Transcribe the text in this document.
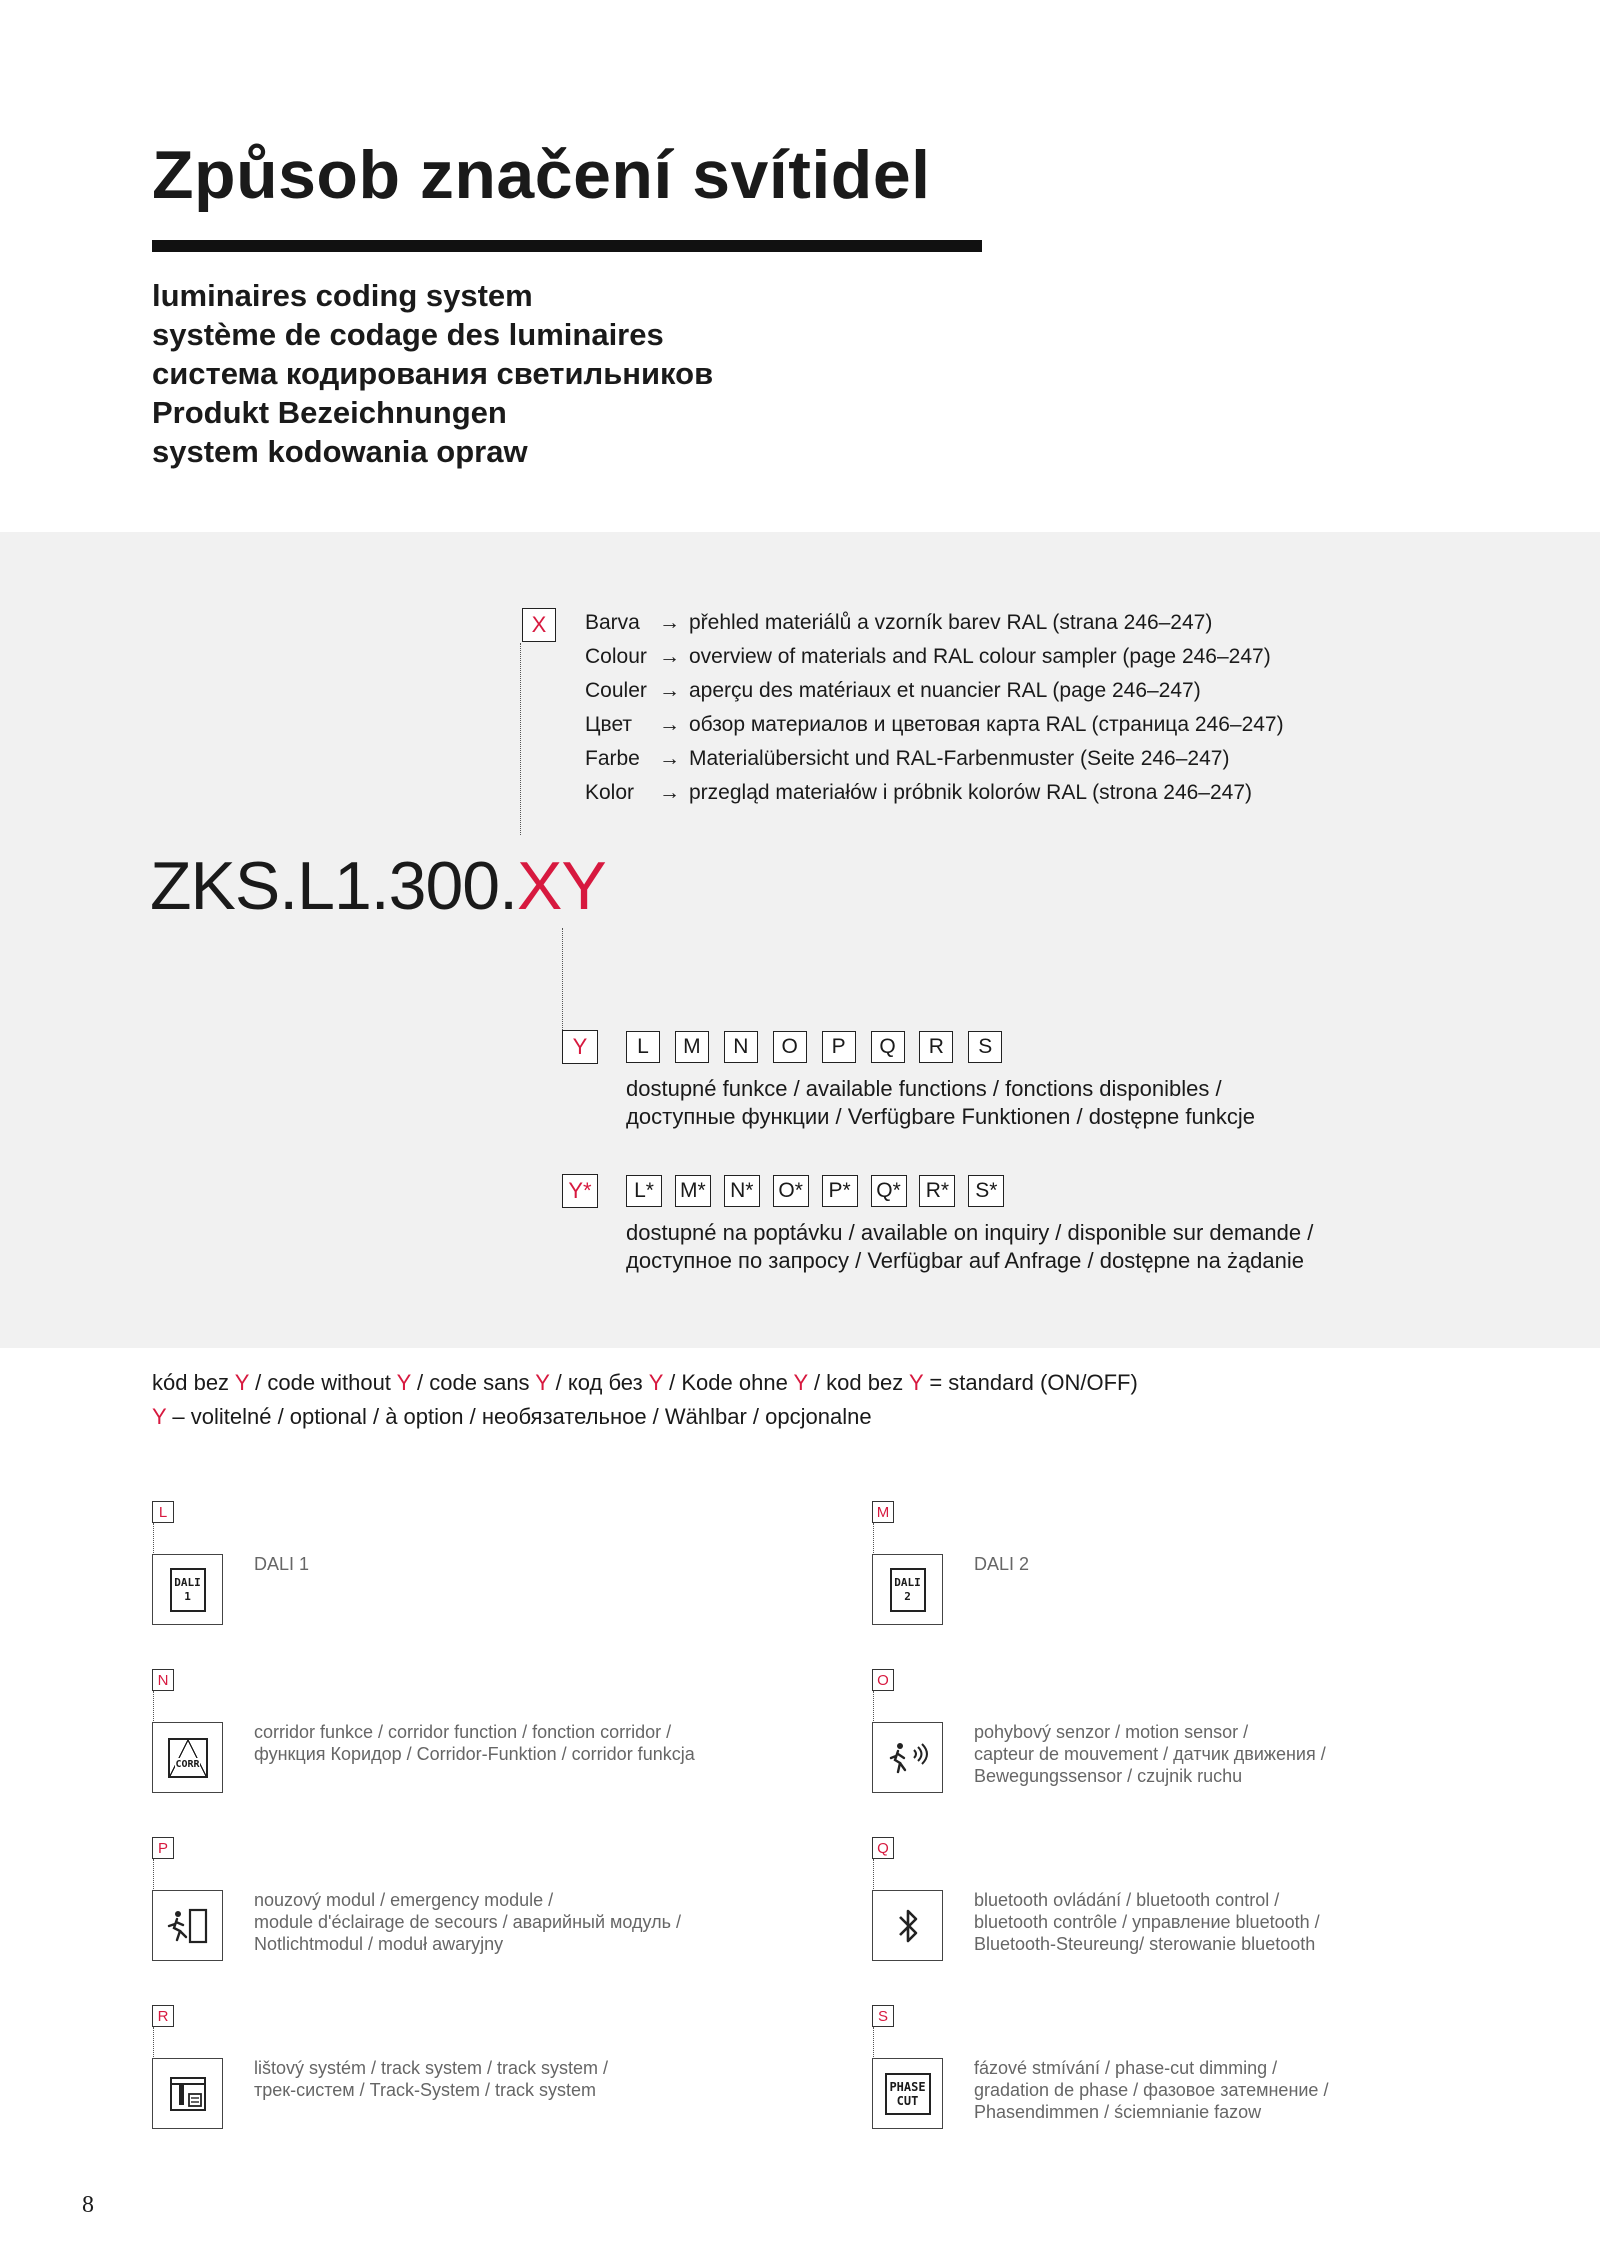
Způsob značení svítidel
luminaires coding system
système de codage des luminaires
система кодирования светильников
Produkt Bezeichnungen
system kodowania opraw
X	Barva → přehled materiálů a vzorník barev RAL (strana 246–247)
Colour → overview of materials and RAL colour sampler (page 246–247)
Couler → aperçu des matériaux et nuancier RAL (page 246–247)
Цвет	→ обзор материалов и цветовая карта RAL (страница 246–247)
Farbe → Materialübersicht und RAL-Farbenmuster (Seite 246–247)
Kolor	→ przegląd materiałów i próbnik kolorów RAL (strona 246–247)
ZKS.L1.300.XY
Y	L	M	N	O	P	Q	R	S
dostupné funkce / available functions / fonctions disponibles /
доступные функции / Verfügbare Funktionen / dostępne funkcje
Y*	L*	M*	N*	O*	P*	Q*	R*	S*
dostupné na poptávku / available on inquiry / disponible sur demande /
доступное по запросу / Verfügbar auf Anfrage / dostępne na żądanie
kód bez Y / code without Y / code sans Y / код без Y / Kode ohne Y / kod bez Y = standard (ON/OFF)
Y – volitelné / optional / à option / необязательное / Wählbar / opcjonalne
L
DALI
1
DALI 1
M
DALI
2
DALI 2
N
CORR
corridor funkce / corridor function / fonction corridor /
функция Коридор / Corridor-Funktion / corridor funkcja
O
pohybový senzor / motion sensor /
capteur de mouvement / датчик движения /
Bewegungssensor / czujnik ruchu
P
nouzový modul / emergency module /
module d'éclairage de secours / аварийный модуль /
Notlichtmodul / moduł awaryjny
Q
bluetooth ovládání / bluetooth control /
bluetooth contrôle / управление bluetooth /
Bluetooth-Steureung/ sterowanie bluetooth
R
lištový systém / track system / track system /
трек-систем / Track-System / track system
S
PHASE
CUT
fázové stmívání / phase-cut dimming /
gradation de phase / фазовое затемнение /
Phasendimmen / ściemnianie fazow
8
